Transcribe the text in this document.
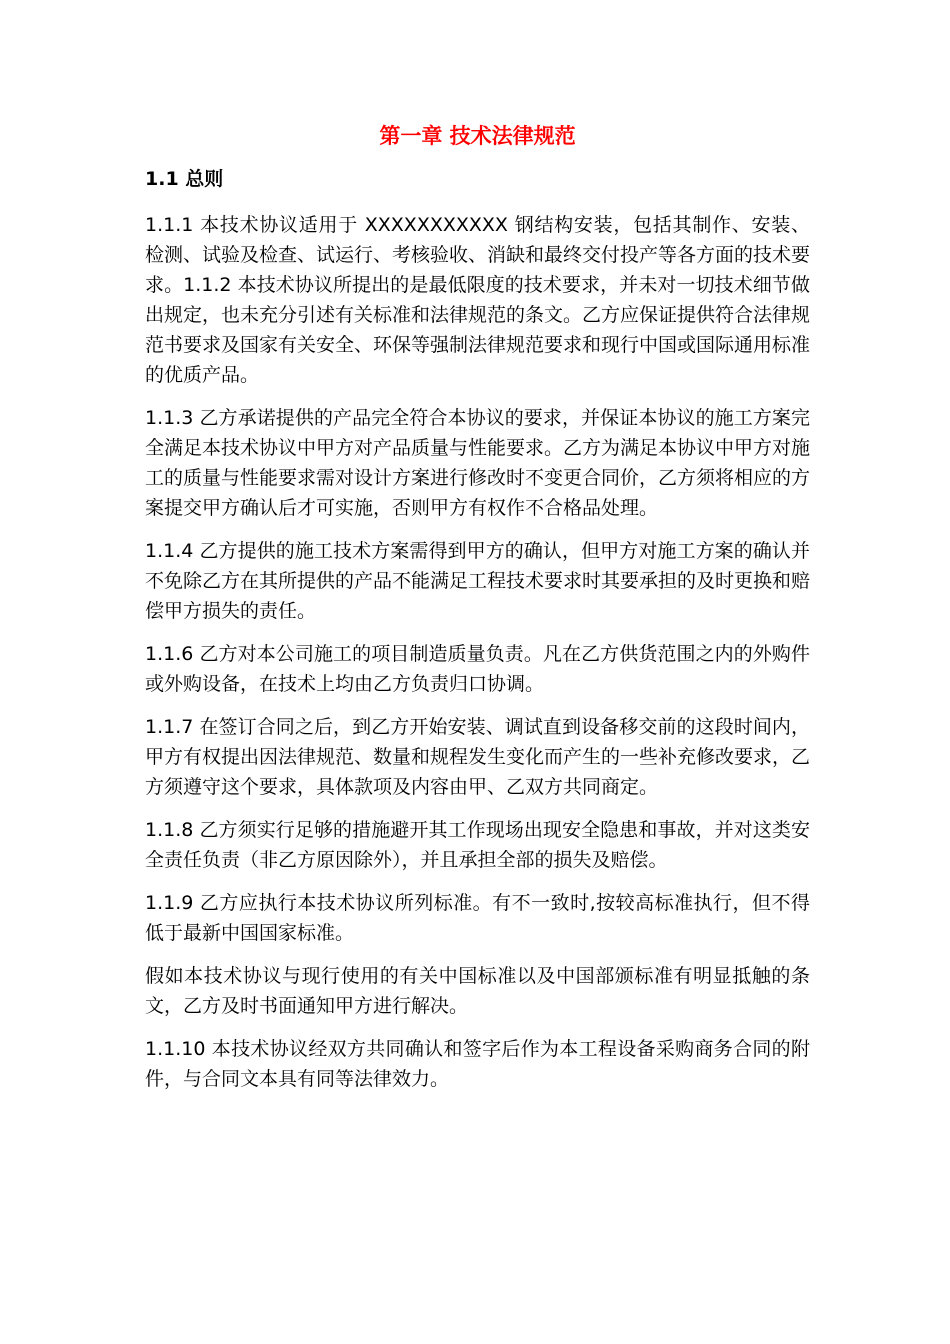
第一章 技术法律规范
1.1 总则

1.1.1 本技术协议适用于 XXXXXXXXXXX 钢结构安装，包括其制作、安装、检测、试验及检查、试运行、考核验收、消缺和最终交付投产等各方面的技术要求。1.1.2 本技术协议所提出的是最低限度的技术要求，并未对一切技术细节做出规定，也未充分引述有关标准和法律规范的条文。乙方应保证提供符合法律规范书要求及国家有关安全、环保等强制法律规范要求和现行中国或国际通用标准的优质产品。

1.1.3 乙方承诺提供的产品完全符合本协议的要求，并保证本协议的施工方案完全满足本技术协议中甲方对产品质量与性能要求。乙方为满足本协议中甲方对施工的质量与性能要求需对设计方案进行修改时不变更合同价，乙方须将相应的方案提交甲方确认后才可实施，否则甲方有权作不合格品处理。

1.1.4 乙方提供的施工技术方案需得到甲方的确认，但甲方对施工方案的确认并不免除乙方在其所提供的产品不能满足工程技术要求时其要承担的及时更换和赔偿甲方损失的责任。

1.1.6 乙方对本公司施工的项目制造质量负责。凡在乙方供货范围之内的外购件或外购设备，在技术上均由乙方负责归口协调。

1.1.7 在签订合同之后，到乙方开始安装、调试直到设备移交前的这段时间内，甲方有权提出因法律规范、数量和规程发生变化而产生的一些补充修改要求，乙方须遵守这个要求，具体款项及内容由甲、乙双方共同商定。

1.1.8 乙方须实行足够的措施避开其工作现场出现安全隐患和事故，并对这类安全责任负责（非乙方原因除外），并且承担全部的损失及赔偿。

1.1.9 乙方应执行本技术协议所列标准。有不一致时,按较高标准执行，但不得低于最新中国国家标准。

假如本技术协议与现行使用的有关中国标准以及中国部颁标准有明显抵触的条文，乙方及时书面通知甲方进行解决。

1.1.10 本技术协议经双方共同确认和签字后作为本工程设备采购商务合同的附件，与合同文本具有同等法律效力。
